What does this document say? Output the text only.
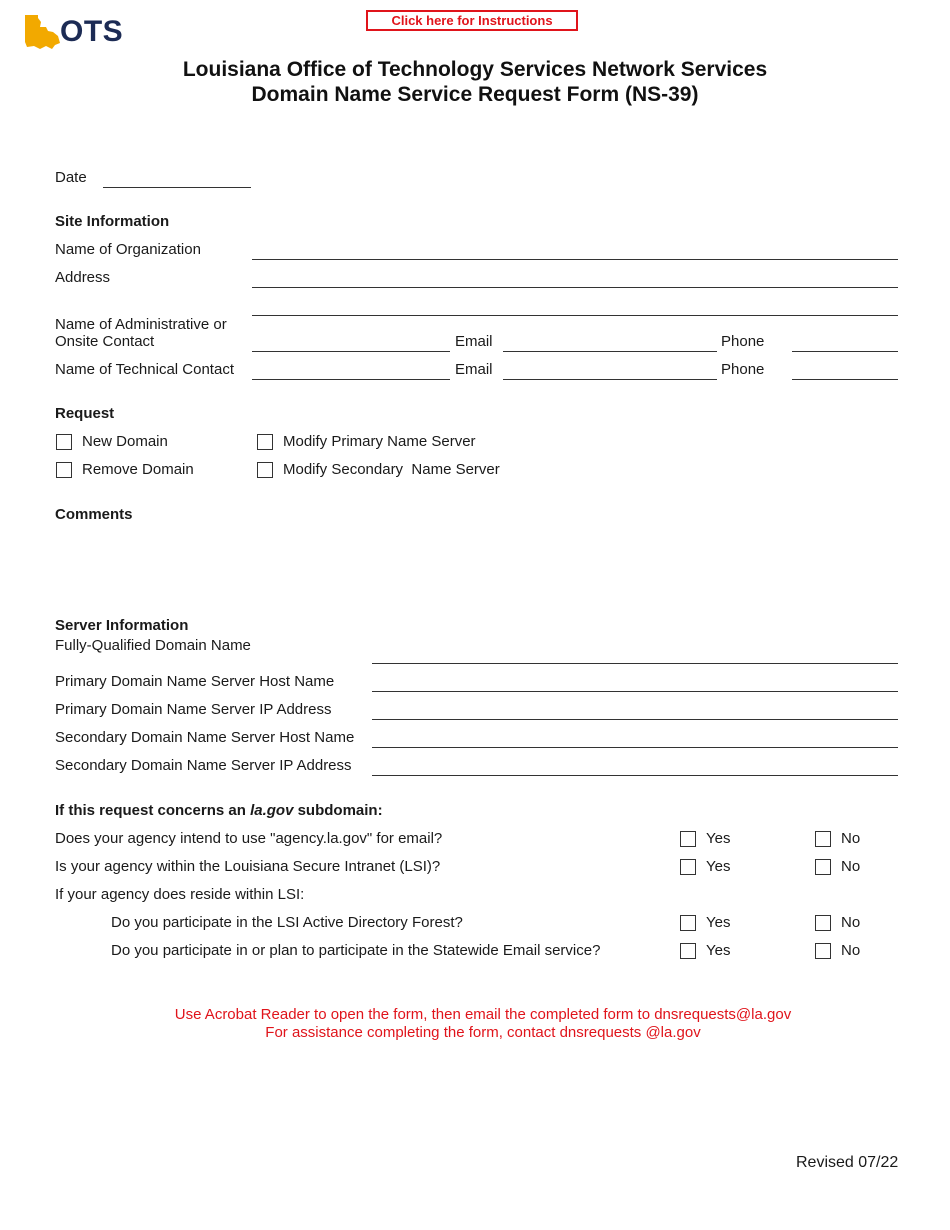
OTS	Click here for Instructions
Louisiana Office of Technology Services Network Services
Domain Name Service Request Form (NS-39)
Date
Site Information
Name of Organization
Address
Name of Administrative or
Onsite Contact	Email	Phone
Name of Technical Contact	Email	Phone
Request
New Domain	Modify Primary Name Server
Remove Domain	Modify Secondary  Name Server
Comments
Server Information
Fully-Qualified Domain Name
Primary Domain Name Server Host Name
Primary Domain Name Server IP Address
Secondary Domain Name Server Host Name
Secondary Domain Name Server IP Address
If this request concerns an la.gov subdomain:
Does your agency intend to use "agency.la.gov" for email?	Yes	No
Is your agency within the Louisiana Secure Intranet (LSI)?	Yes	No
If your agency does reside within LSI:
Do you participate in the LSI Active Directory Forest?	Yes	No
Do you participate in or plan to participate in the Statewide Email service?	Yes	No
Use Acrobat Reader to open the form, then email the completed form to dnsrequests@la.gov
For assistance completing the form, contact dnsrequests @la.gov
Revised 07/22
